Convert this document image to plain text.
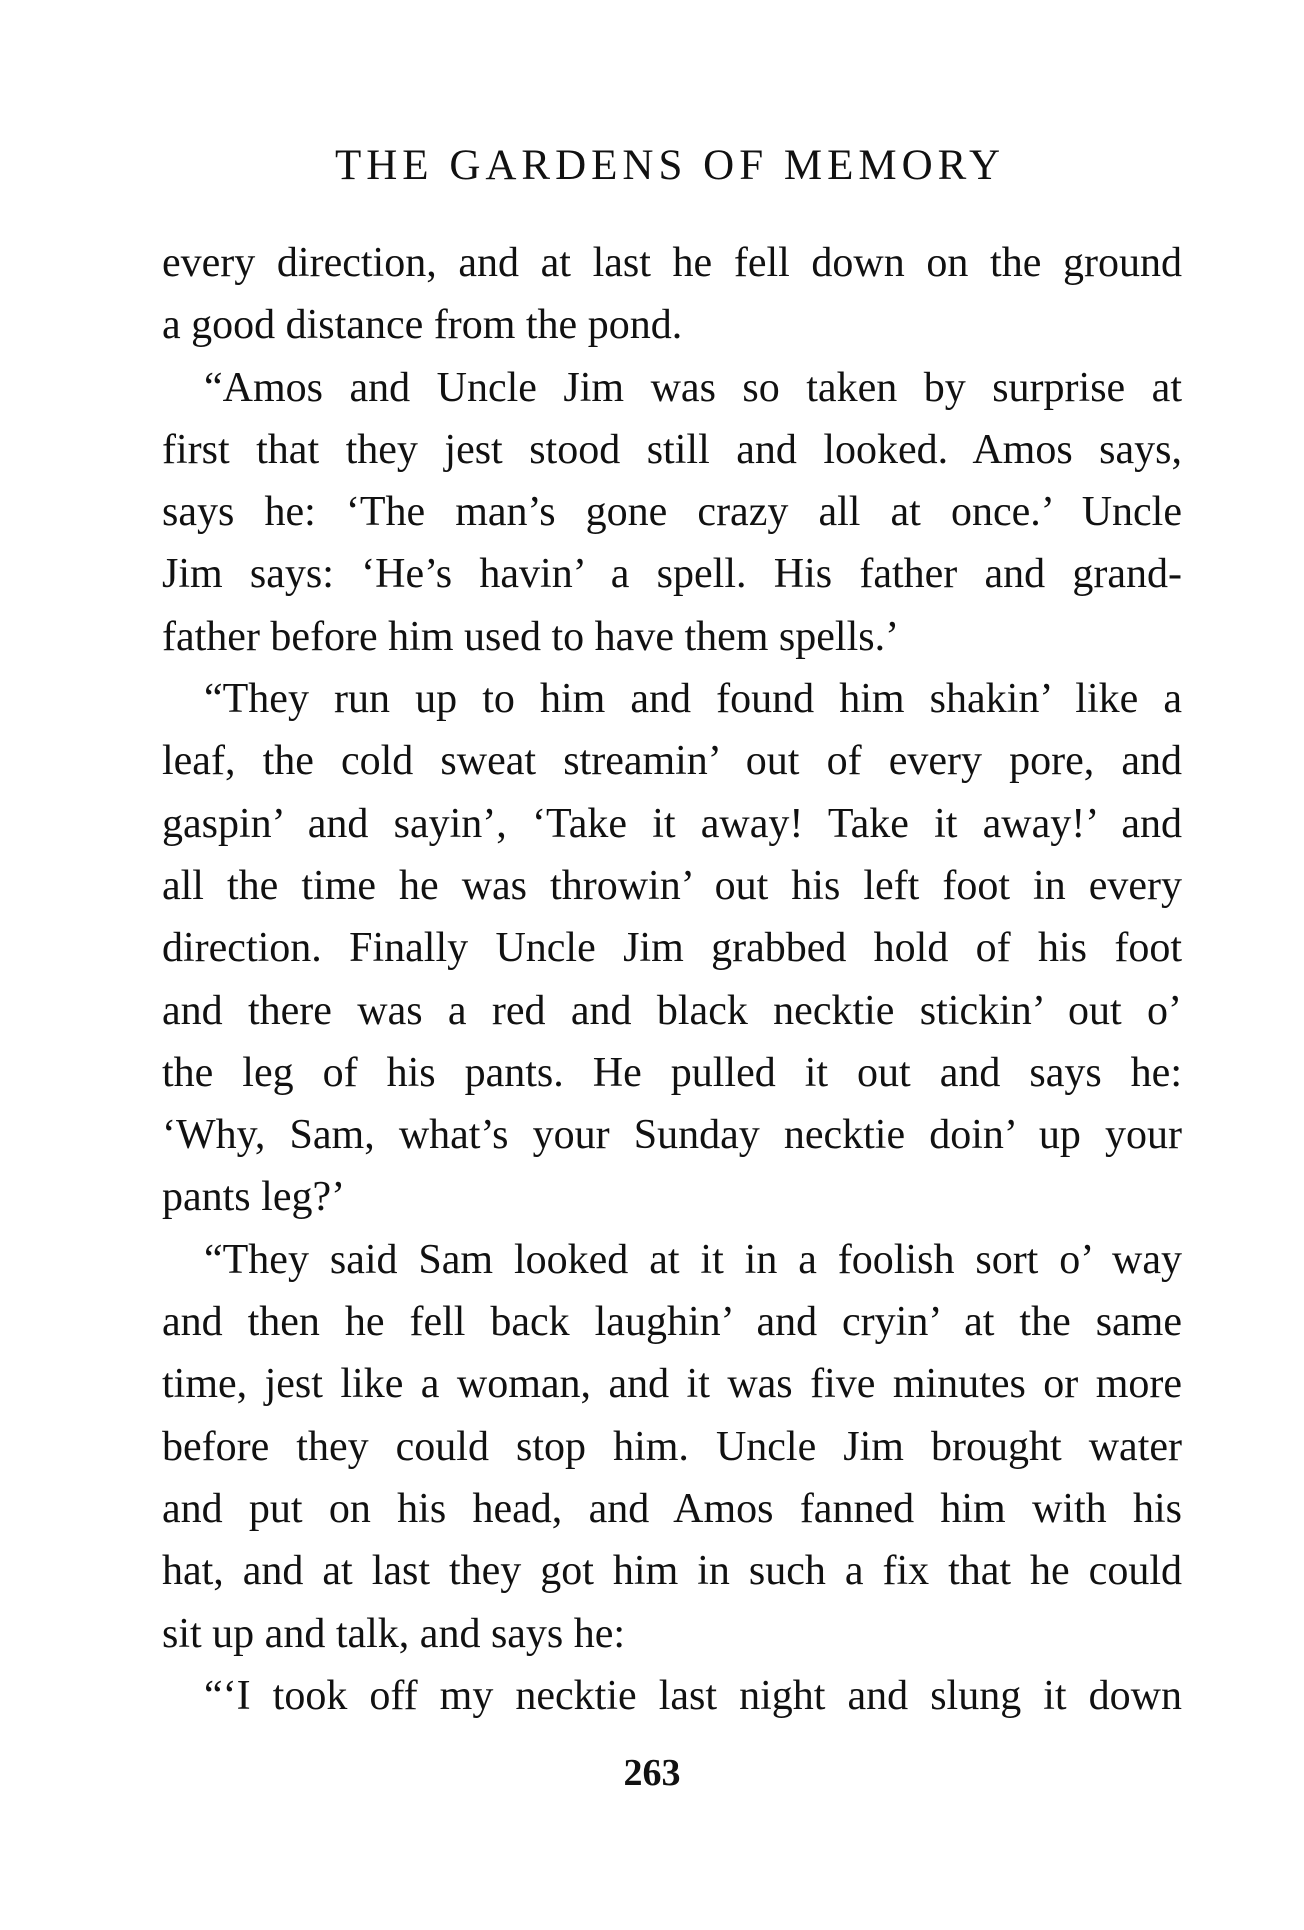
THE GARDENS OF MEMORY
every direction, and at last he fell down on the ground
a good distance from the pond.
“Amos and Uncle Jim was so taken by surprise at
first that they jest stood still and looked. Amos says,
says he: ‘The man’s gone crazy all at once.’ Uncle
Jim says: ‘He’s havin’ a spell. His father and grand-
father before him used to have them spells.’
“They run up to him and found him shakin’ like a
leaf, the cold sweat streamin’ out of every pore, and
gaspin’ and sayin’, ‘Take it away! Take it away!’ and
all the time he was throwin’ out his left foot in every
direction. Finally Uncle Jim grabbed hold of his foot
and there was a red and black necktie stickin’ out o’
the leg of his pants. He pulled it out and says he:
‘Why, Sam, what’s your Sunday necktie doin’ up your
pants leg?’
“They said Sam looked at it in a foolish sort o’ way
and then he fell back laughin’ and cryin’ at the same
time, jest like a woman, and it was five minutes or more
before they could stop him. Uncle Jim brought water
and put on his head, and Amos fanned him with his
hat, and at last they got him in such a fix that he could
sit up and talk, and says he:
“‘I took off my necktie last night and slung it down
263
